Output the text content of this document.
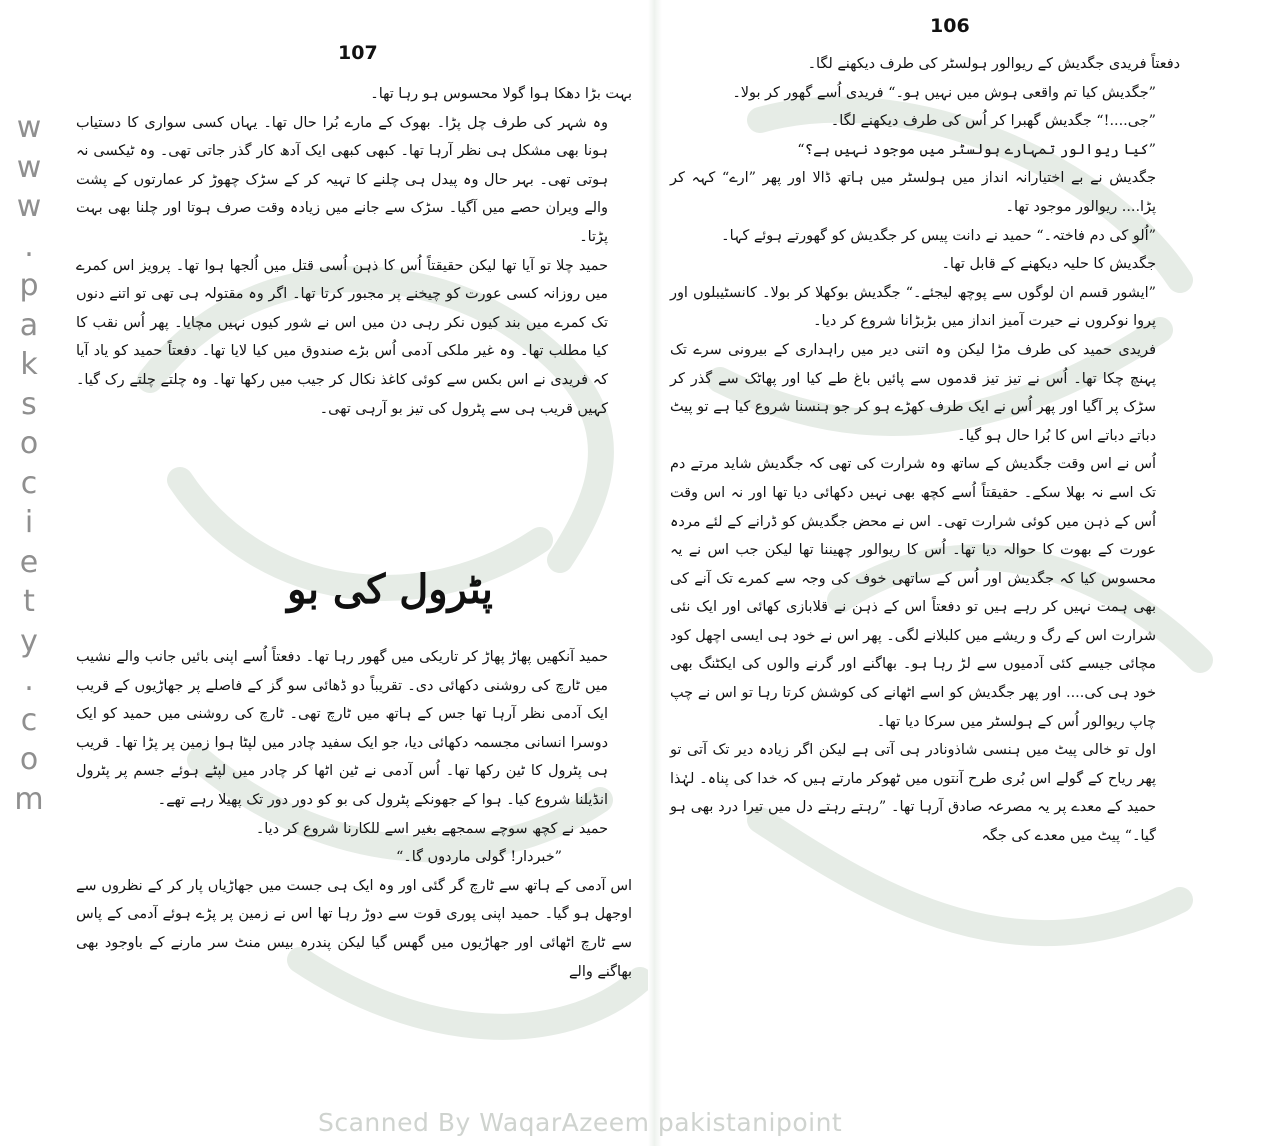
107

بہت بڑا دھکا ہوا گولا محسوس ہو رہا تھا۔

وہ شہر کی طرف چل پڑا۔ بھوک کے مارے بُرا حال تھا۔ یہاں کسی سواری کا دستیاب ہونا بھی مشکل ہی نظر آرہا تھا۔ کبھی کبھی ایک آدھ کار گذر جاتی تھی۔ وہ ٹیکسی نہ ہوتی تھی۔ بہر حال وہ پیدل ہی چلنے کا تہیہ کر کے سڑک چھوڑ کر عمارتوں کے پشت والے ویران حصے میں آگیا۔ سڑک سے جانے میں زیادہ وقت صرف ہوتا اور چلنا بھی بہت پڑتا۔

حمید چلا تو آیا تھا لیکن حقیقتاً اُس کا ذہن اُسی قتل میں اُلجھا ہوا تھا۔ پرویز اس کمرے میں روزانہ کسی عورت کو چیخنے پر مجبور کرتا تھا۔ اگر وہ مقتولہ ہی تھی تو اتنے دنوں تک کمرے میں بند کیوں نکر رہی دن میں اس نے شور کیوں نہیں مچایا۔ پھر اُس نقب کا کیا مطلب تھا۔ وہ غیر ملکی آدمی اُس بڑے صندوق میں کیا لایا تھا۔ دفعتاً حمید کو یاد آیا کہ فریدی نے اس بکس سے کوئی کاغذ نکال کر جیب میں رکھا تھا۔ وہ چلتے چلتے رک گیا۔ کہیں قریب ہی سے پٹرول کی تیز بو آرہی تھی۔

پٹرول کی بو

حمید آنکھیں پھاڑ پھاڑ کر تاریکی میں گھور رہا تھا۔ دفعتاً اُسے اپنی بائیں جانب والے نشیب میں ٹارچ کی روشنی دکھائی دی۔ تقریباً دو ڈھائی سو گز کے فاصلے پر جھاڑیوں کے قریب ایک آدمی نظر آرہا تھا جس کے ہاتھ میں ٹارچ تھی۔ ٹارچ کی روشنی میں حمید کو ایک دوسرا انسانی مجسمہ دکھائی دیا، جو ایک سفید چادر میں لپٹا ہوا زمین پر پڑا تھا۔ قریب ہی پٹرول کا ٹین رکھا تھا۔ اُس آدمی نے ٹین اٹھا کر چادر میں لپٹے ہوئے جسم پر پٹرول انڈیلنا شروع کیا۔ ہوا کے جھونکے پٹرول کی بو کو دور دور تک پھیلا رہے تھے۔

حمید نے کچھ سوچے سمجھے بغیر اسے للکارنا شروع کر دیا۔

”خبردار! گولی ماردوں گا۔“

اس آدمی کے ہاتھ سے ٹارچ گر گئی اور وہ ایک ہی جست میں جھاڑیاں پار کر کے نظروں سے اوجھل ہو گیا۔ حمید اپنی پوری قوت سے دوڑ رہا تھا اس نے زمین پر پڑے ہوئے آدمی کے پاس سے ٹارچ اٹھائی اور جھاڑیوں میں گھس گیا لیکن پندرہ بیس منٹ سر مارنے کے باوجود بھی بھاگنے والے

106

دفعتاً فریدی جگدیش کے ریوالور ہولسٹر کی طرف دیکھنے لگا۔

”جگدیش کیا تم واقعی ہوش میں نہیں ہو۔“ فریدی اُسے گھور کر بولا۔

”جی....!“ جگدیش گھبرا کر اُس کی طرف دیکھنے لگا۔

”کیا ریوالور تمہارے ہولسٹر میں موجود نہیں ہے؟“

جگدیش نے بے اختیارانہ انداز میں ہولسٹر میں ہاتھ ڈالا اور پھر ”ارے“ کہہ کر پڑا.... ریوالور موجود تھا۔

”اُلو کی دم فاختہ۔“ حمید نے دانت پیس کر جگدیش کو گھورتے ہوئے کہا۔

جگدیش کا حلیہ دیکھنے کے قابل تھا۔

”ایشور قسم ان لوگوں سے پوچھ لیجئے۔“ جگدیش بوکھلا کر بولا۔ کانسٹیبلوں اور پروا نوکروں نے حیرت آمیز انداز میں بڑبڑانا شروع کر دیا۔

فریدی حمید کی طرف مڑا لیکن وہ اتنی دیر میں راہداری کے بیرونی سرے تک پہنچ چکا تھا۔ اُس نے تیز تیز قدموں سے پائیں باغ طے کیا اور پھاٹک سے گذر کر سڑک پر آگیا اور پھر اُس نے ایک طرف کھڑے ہو کر جو ہنسنا شروع کیا ہے تو پیٹ دباتے دباتے اس کا بُرا حال ہو گیا۔

اُس نے اس وقت جگدیش کے ساتھ وہ شرارت کی تھی کہ جگدیش شاید مرتے دم تک اسے نہ بھلا سکے۔ حقیقتاً اُسے کچھ بھی نہیں دکھائی دیا تھا اور نہ اس وقت اُس کے ذہن میں کوئی شرارت تھی۔ اس نے محض جگدیش کو ڈرانے کے لئے مردہ عورت کے بھوت کا حوالہ دیا تھا۔ اُس کا ریوالور چھیننا تھا لیکن جب اس نے یہ محسوس کیا کہ جگدیش اور اُس کے ساتھی خوف کی وجہ سے کمرے تک آنے کی بھی ہمت نہیں کر رہے ہیں تو دفعتاً اس کے ذہن نے قلابازی کھائی اور ایک نئی شرارت اس کے رگ و ریشے میں کلبلانے لگی۔ پھر اس نے خود ہی ایسی اچھل کود مچائی جیسے کئی آدمیوں سے لڑ رہا ہو۔ بھاگنے اور گرنے والوں کی ایکٹنگ بھی خود ہی کی.... اور پھر جگدیش کو اسے اٹھانے کی کوشش کرتا رہا تو اس نے چپ چاپ ریوالور اُس کے ہولسٹر میں سرکا دیا تھا۔

اول تو خالی پیٹ میں ہنسی شاذونادر ہی آتی ہے لیکن اگر زیادہ دیر تک آتی تو پھر ریاح کے گولے اس بُری طرح آنتوں میں ٹھوکر مارتے ہیں کہ خدا کی پناہ۔ لہٰذا حمید کے معدے پر یہ مصرعہ صادق آرہا تھا۔ ”رہتے رہتے دل میں تیرا درد بھی ہو گیا۔“ پیٹ میں معدے کی جگہ

w
w
w
.
p
a
k
s
o
c
i
e
t
y
.
c
o
m
Scanned By WaqarAzeem pakistanipoint
